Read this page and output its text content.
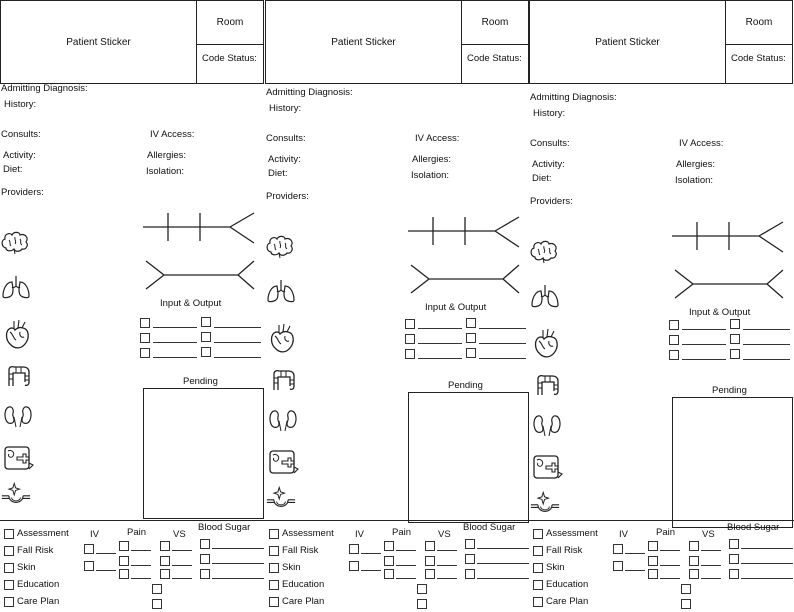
Patient Sticker
Room
Code Status:
Admitting Diagnosis:
History:
Consults:	IV Access:
Activity:	Allergies:
Diet:	Isolation:
Providers:
Input & Output
Pending
Assessment
Fall Risk
Skin
Education
Care Plan
IV	Pain	VS
Blood Sugar
Patient Sticker
Room
Code Status:
Admitting Diagnosis:
History:
Consults:	IV Access:
Activity:	Allergies:
Diet:	Isolation:
Providers:
Input & Output
Pending
Assessment
Fall Risk
Skin
Education
Care Plan
IV	Pain	VS
Blood Sugar
Patient Sticker
Room
Code Status:
Admitting Diagnosis:
History:
Consults:	IV Access:
Activity:	Allergies:
Diet:	Isolation:
Providers:
Input & Output
Pending
Assessment
Fall Risk
Skin
Education
Care Plan
IV	Pain	VS
Blood Sugar
